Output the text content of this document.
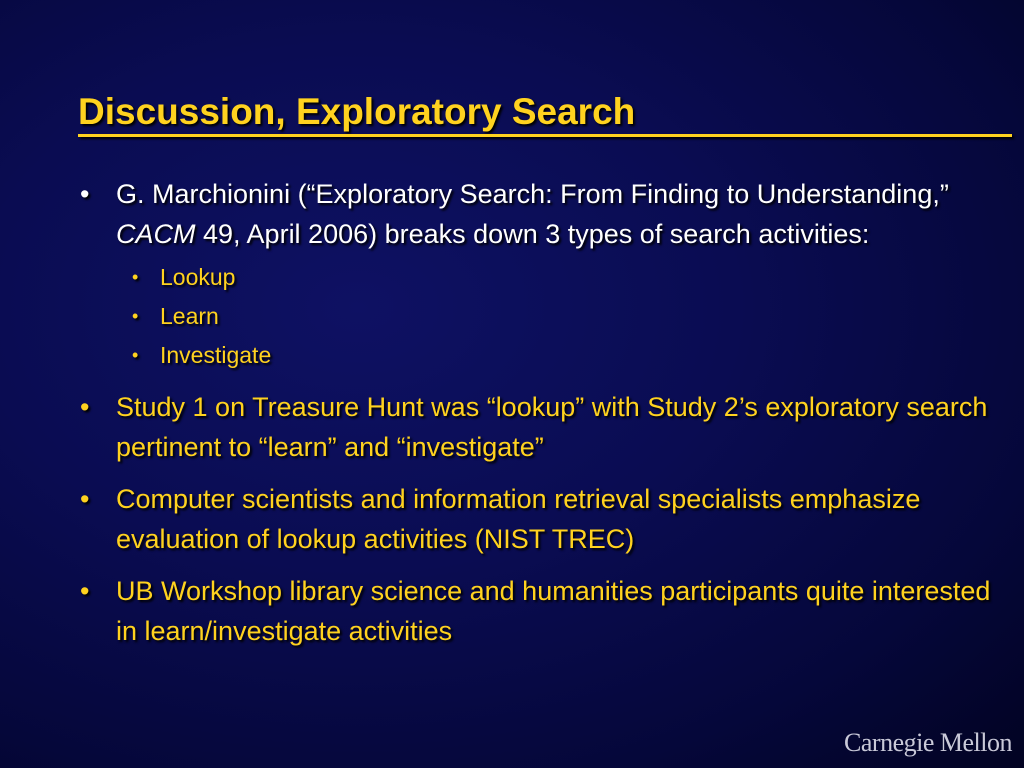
Discussion, Exploratory Search
• G. Marchionini (“Exploratory Search: From Finding to Understanding,” CACM 49, April 2006) breaks down 3 types of search activities:
• Lookup
• Learn
• Investigate
• Study 1 on Treasure Hunt was “lookup” with Study 2’s exploratory search pertinent to “learn” and “investigate”
• Computer scientists and information retrieval specialists emphasize evaluation of lookup activities (NIST TREC)
• UB Workshop library science and humanities participants quite interested in learn/investigate activities
Carnegie Mellon
